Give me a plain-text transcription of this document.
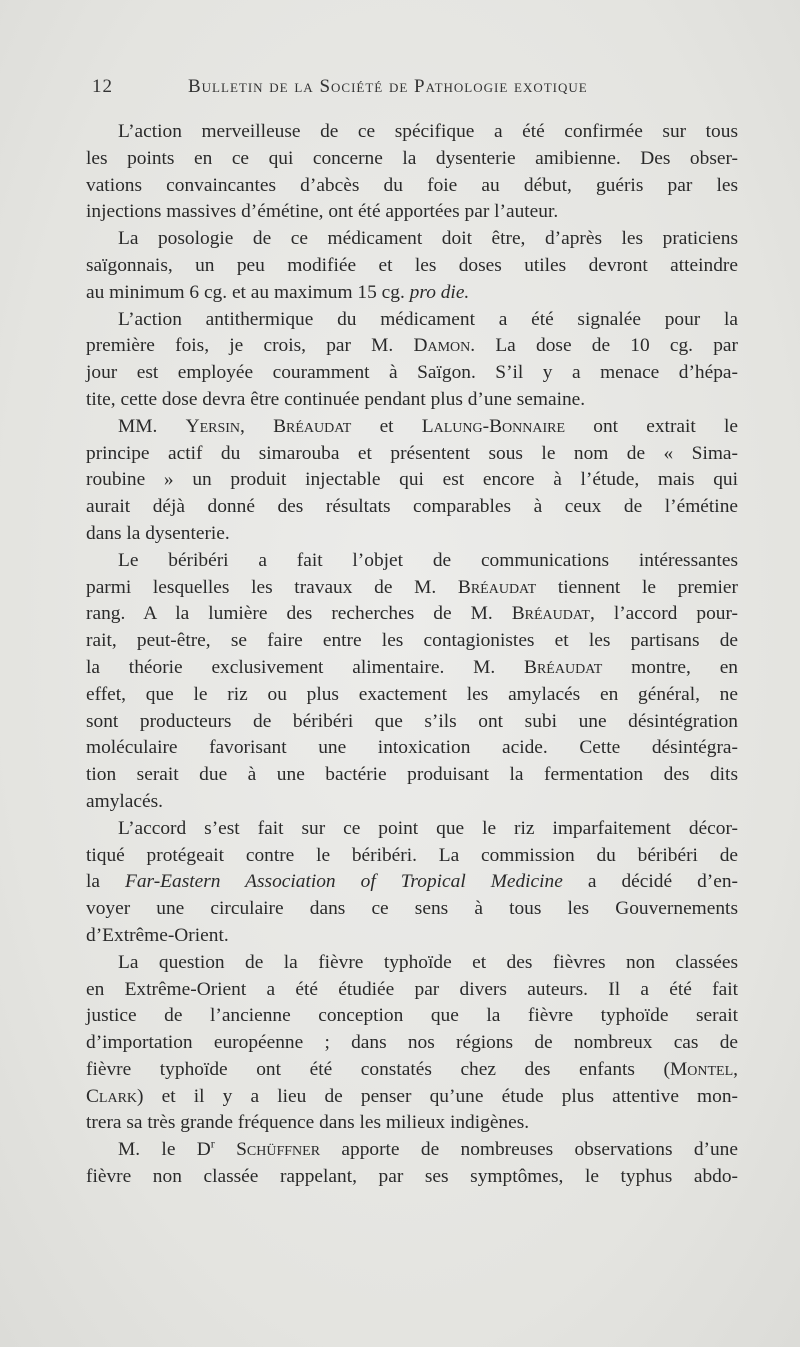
12	Bulletin de la Société de Pathologie exotique
L’action merveilleuse de ce spécifique a été confirmée sur tous
les points en ce qui concerne la dysenterie amibienne. Des obser-
vations convaincantes d’abcès du foie au début, guéris par les
injections massives d’émétine, ont été apportées par l’auteur.
La posologie de ce médicament doit être, d’après les praticiens
saïgonnais, un peu modifiée et les doses utiles devront atteindre
au minimum 6 cg. et au maximum 15 cg. pro die.
L’action antithermique du médicament a été signalée pour la
première fois, je crois, par M. Damon. La dose de 10 cg. par
jour est employée couramment à Saïgon. S’il y a menace d’hépa-
tite, cette dose devra être continuée pendant plus d’une semaine.
MM. Yersin, Bréaudat et Lalung-Bonnaire ont extrait le
principe actif du simarouba et présentent sous le nom de « Sima-
roubine » un produit injectable qui est encore à l’étude, mais qui
aurait déjà donné des résultats comparables à ceux de l’émétine
dans la dysenterie.
Le béribéri a fait l’objet de communications intéressantes
parmi lesquelles les travaux de M. Bréaudat tiennent le premier
rang. A la lumière des recherches de M. Bréaudat, l’accord pour-
rait, peut-être, se faire entre les contagionistes et les partisans de
la théorie exclusivement alimentaire. M. Bréaudat montre, en
effet, que le riz ou plus exactement les amylacés en général, ne
sont producteurs de béribéri que s’ils ont subi une désintégration
moléculaire favorisant une intoxication acide. Cette désintégra-
tion serait due à une bactérie produisant la fermentation des dits
amylacés.
L’accord s’est fait sur ce point que le riz imparfaitement décor-
tiqué protégeait contre le béribéri. La commission du béribéri de
la Far-Eastern Association of Tropical Medicine a décidé d’en-
voyer une circulaire dans ce sens à tous les Gouvernements
d’Extrême-Orient.
La question de la fièvre typhoïde et des fièvres non classées
en Extrême-Orient a été étudiée par divers auteurs. Il a été fait
justice de l’ancienne conception que la fièvre typhoïde serait
d’importation européenne ; dans nos régions de nombreux cas de
fièvre typhoïde ont été constatés chez des enfants (Montel,
Clark) et il y a lieu de penser qu’une étude plus attentive mon-
trera sa très grande fréquence dans les milieux indigènes.
M. le $D^r$ Schüffner apporte de nombreuses observations d’une
fièvre non classée rappelant, par ses symptômes, le typhus abdo-
